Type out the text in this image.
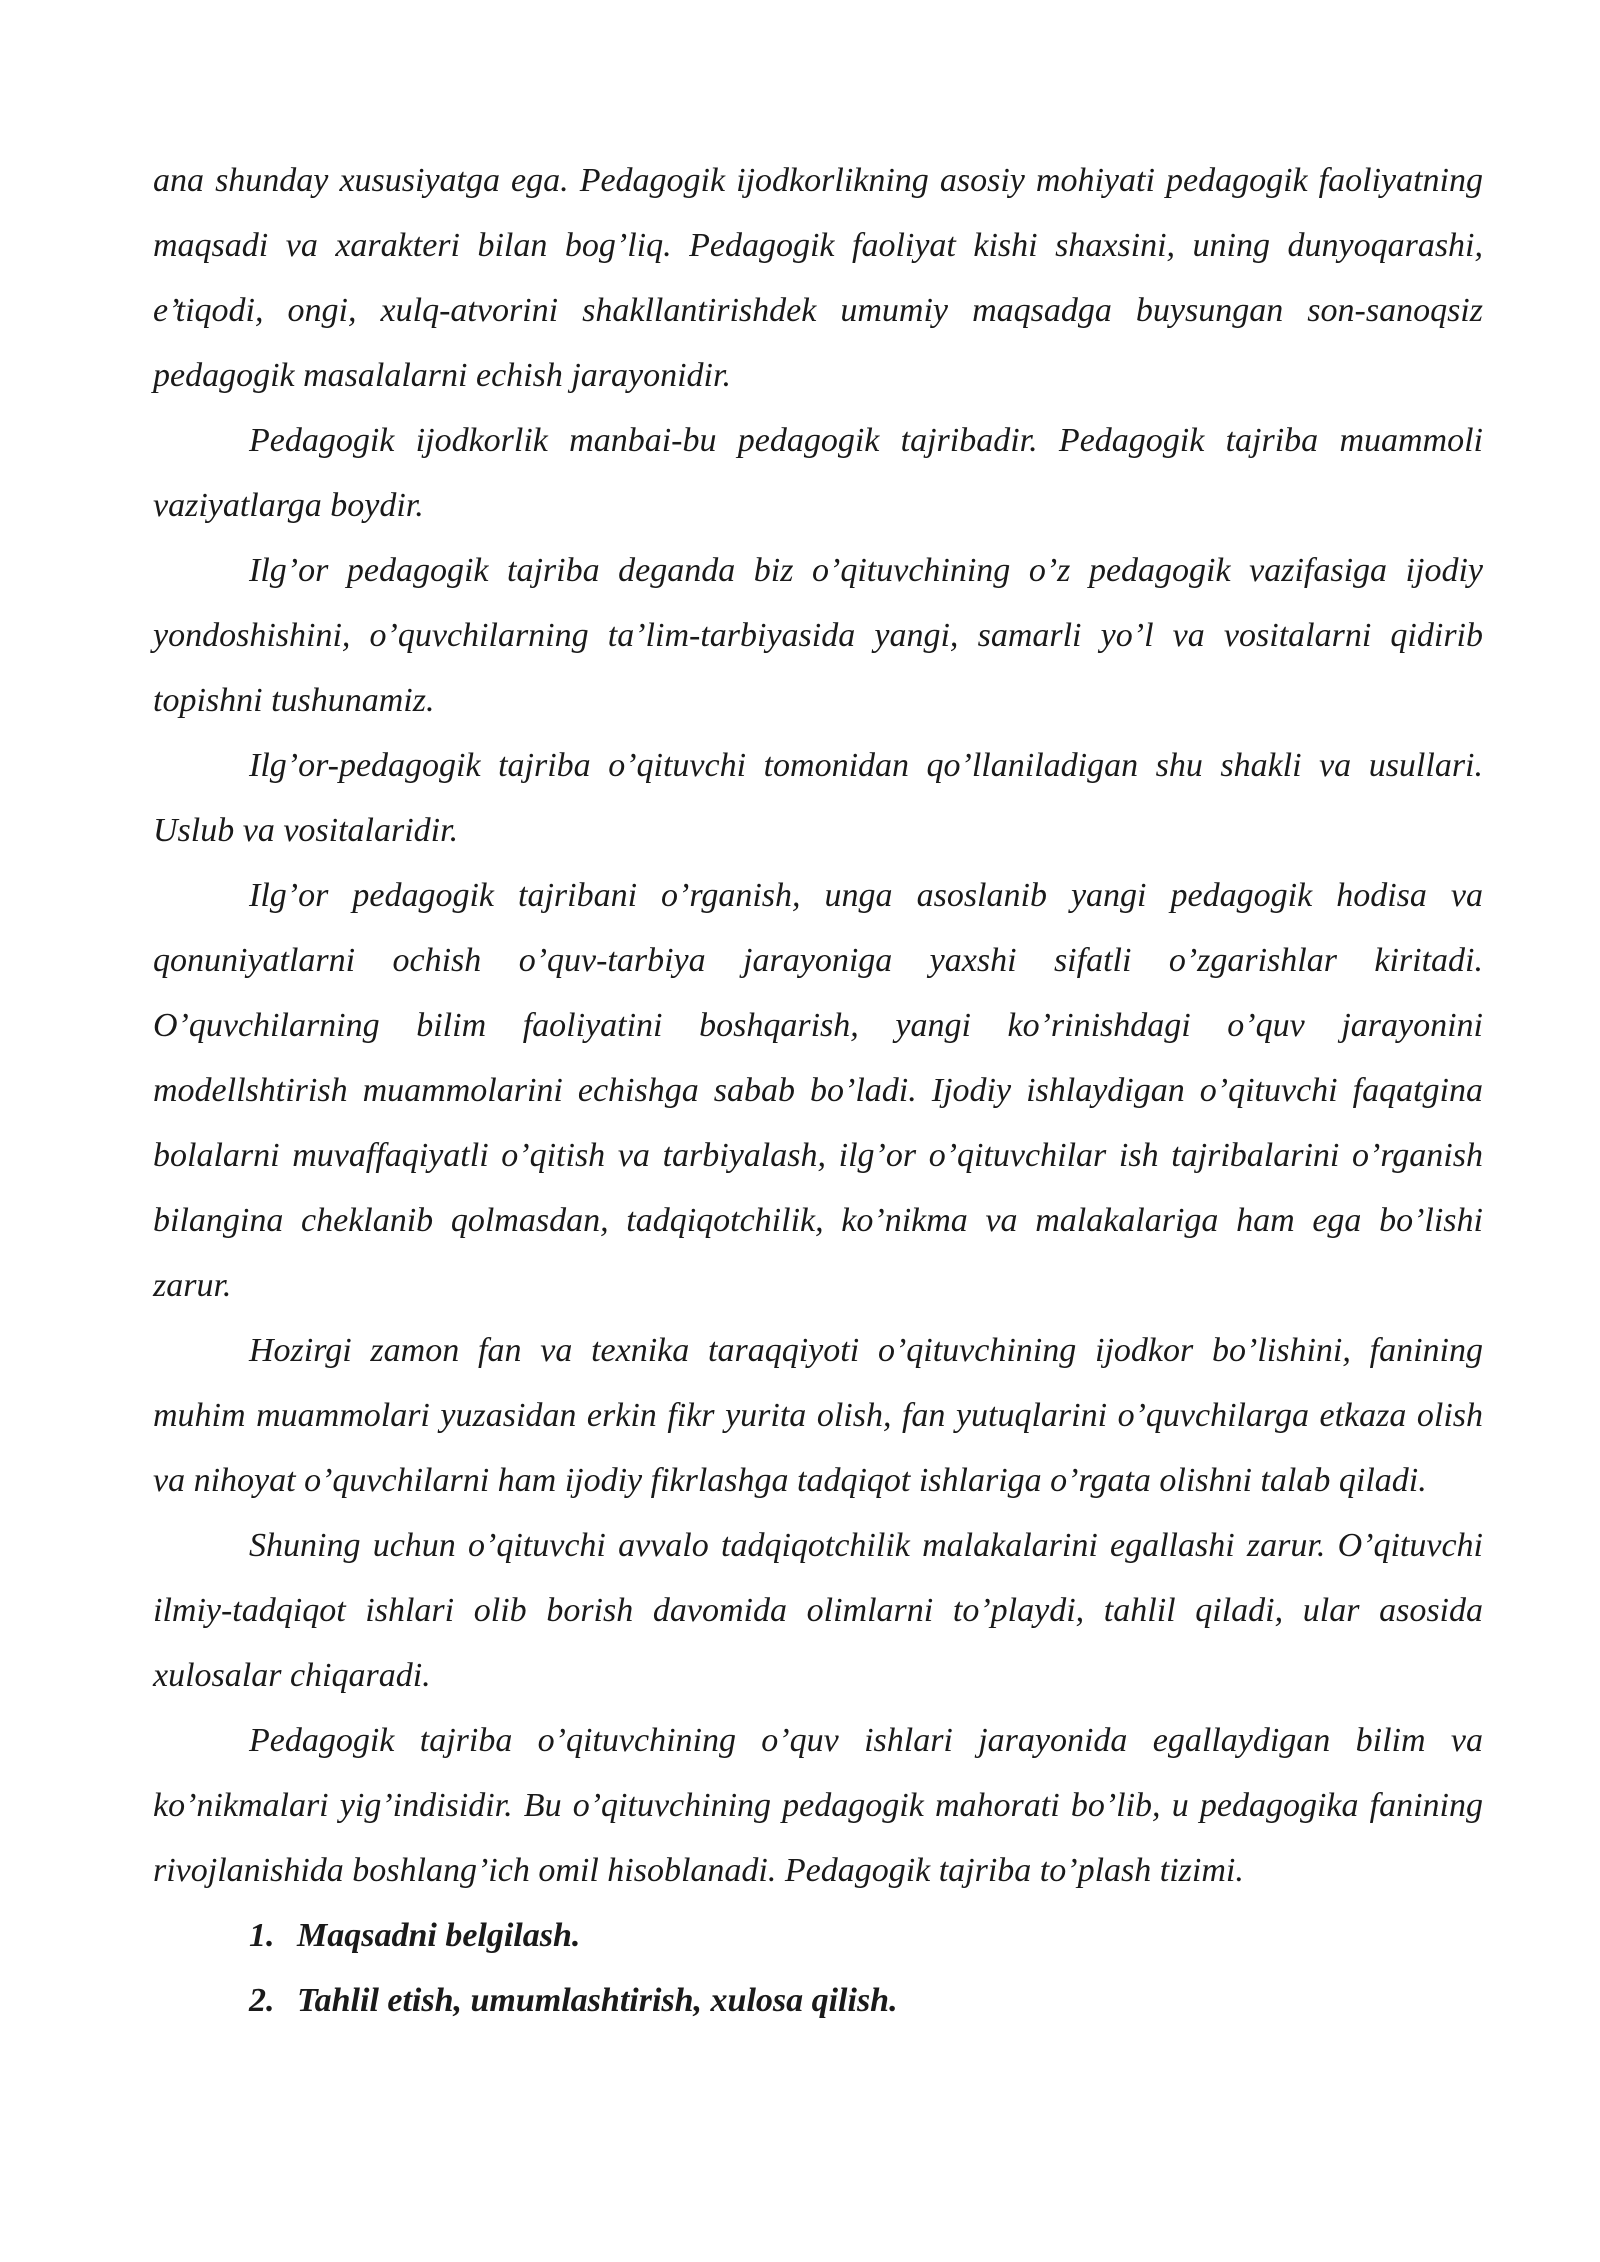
ana shunday xususiyatga ega. Pedagogik ijodkorlikning asosiy mohiyati pedagogik faoliyatning maqsadi va xarakteri bilan bog’liq. Pedagogik faoliyat kishi shaxsini, uning dunyoqarashi, e’tiqodi, ongi, xulq-atvorini shakllantirishdek umumiy maqsadga buysungan son-sanoqsiz pedagogik masalalarni echish jarayonidir.

Pedagogik ijodkorlik manbai-bu pedagogik tajribadir. Pedagogik tajriba muammoli vaziyatlarga boydir.

Ilg’or pedagogik tajriba deganda biz o’qituvchining o’z pedagogik vazifasiga ijodiy yondoshishini, o’quvchilarning ta’lim-tarbiyasida yangi, samarli yo’l va vositalarni qidirib topishni tushunamiz.

Ilg’or-pedagogik tajriba o’qituvchi tomonidan qo’llaniladigan shu shakli va usullari. Uslub va vositalaridir.

Ilg’or pedagogik tajribani o’rganish, unga asoslanib yangi pedagogik hodisa va qonuniyatlarni ochish o’quv-tarbiya jarayoniga yaxshi sifatli o’zgarishlar kiritadi. O’quvchilarning bilim faoliyatini boshqarish, yangi ko’rinishdagi o’quv jarayonini modellshtirish muammolarini echishga sabab bo’ladi. Ijodiy ishlaydigan o’qituvchi faqatgina bolalarni muvaffaqiyatli o’qitish va tarbiyalash, ilg’or o’qituvchilar ish tajribalarini o’rganish bilangina cheklanib qolmasdan, tadqiqotchilik, ko’nikma va malakalariga ham ega bo’lishi zarur.

Hozirgi zamon fan va texnika taraqqiyoti o’qituvchining ijodkor bo’lishini, fanining muhim muammolari yuzasidan erkin fikr yurita olish, fan yutuqlarini o’quvchilarga etkaza olish va nihoyat o’quvchilarni ham ijodiy fikrlashga tadqiqot ishlariga o’rgata olishni talab qiladi.

Shuning uchun o’qituvchi avvalo tadqiqotchilik malakalarini egallashi zarur. O’qituvchi ilmiy-tadqiqot ishlari olib borish davomida olimlarni to’playdi, tahlil qiladi, ular asosida xulosalar chiqaradi.

Pedagogik tajriba o’qituvchining o’quv ishlari jarayonida egallaydigan bilim va ko’nikmalari yig’indisidir. Bu o’qituvchining pedagogik mahorati bo’lib, u pedagogika fanining rivojlanishida boshlang’ich omil hisoblanadi. Pedagogik tajriba to’plash tizimi.

1. Maqsadni belgilash.
2. Tahlil etish, umumlashtirish, xulosa qilish.
